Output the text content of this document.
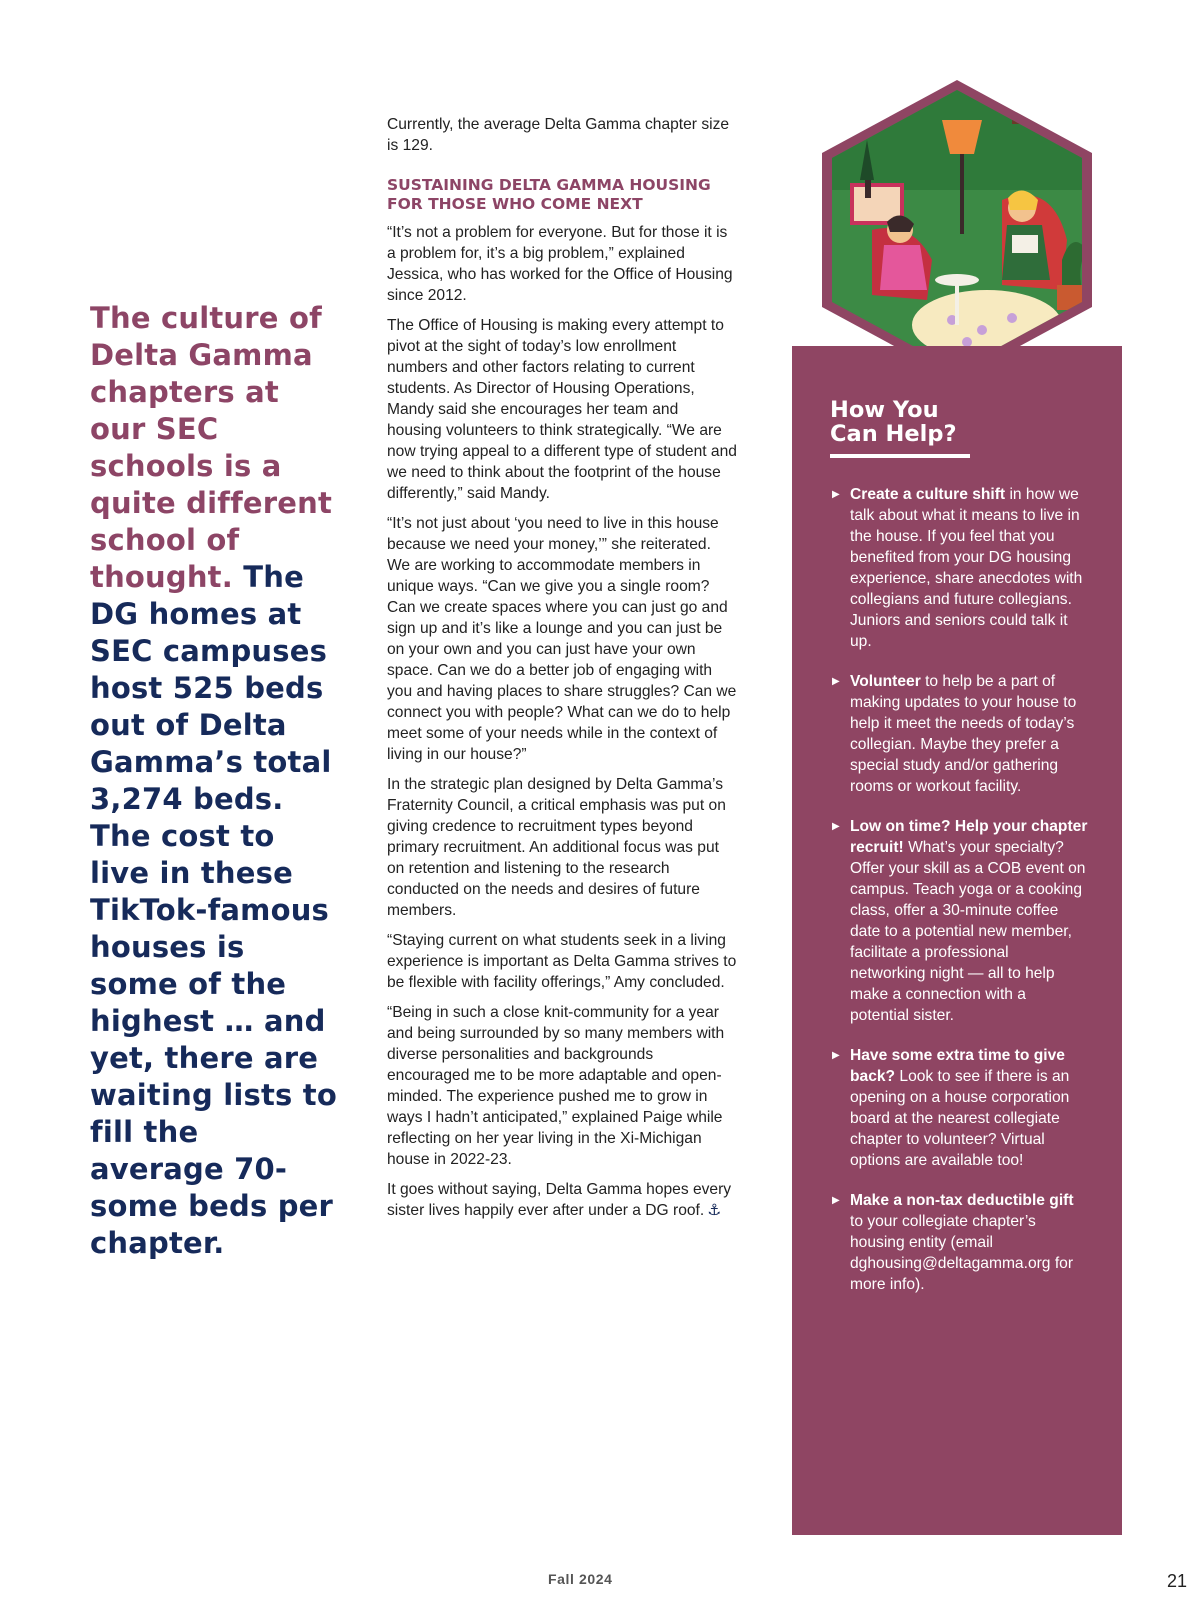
The culture of Delta Gamma chapters at our SEC schools is a quite different school of thought. The DG homes at SEC campuses host 525 beds out of Delta Gamma’s total 3,274 beds. The cost to live in these TikTok-famous houses is some of the highest … and yet, there are waiting lists to fill the average 70-some beds per chapter.

Currently, the average Delta Gamma chapter size is 129.

SUSTAINING DELTA GAMMA HOUSING FOR THOSE WHO COME NEXT

“It’s not a problem for everyone. But for those it is a problem for, it’s a big problem,” explained Jessica, who has worked for the Office of Housing since 2012.

The Office of Housing is making every attempt to pivot at the sight of today’s low enrollment numbers and other factors relating to current students. As Director of Housing Operations, Mandy said she encourages her team and housing volunteers to think strategically. “We are now trying appeal to a different type of student and we need to think about the footprint of the house differently,” said Mandy.

“It’s not just about ‘you need to live in this house because we need your money,’” she reiterated. We are working to accommodate members in unique ways. “Can we give you a single room? Can we create spaces where you can just go and sign up and it’s like a lounge and you can just be on your own and you can just have your own space. Can we do a better job of engaging with you and having places to share struggles? Can we connect you with people? What can we do to help meet some of your needs while in the context of living in our house?”

In the strategic plan designed by Delta Gamma’s Fraternity Council, a critical emphasis was put on giving credence to recruitment types beyond primary recruitment. An additional focus was put on retention and listening to the research conducted on the needs and desires of future members.

“Staying current on what students seek in a living experience is important as Delta Gamma strives to be flexible with facility offerings,” Amy concluded.

“Being in such a close knit-community for a year and being surrounded by so many members with diverse personalities and backgrounds encouraged me to be more adaptable and open-minded. The experience pushed me to grow in ways I hadn’t anticipated,” explained Paige while reflecting on her year living in the Xi-Michigan house in 2022-23.

It goes without saying, Delta Gamma hopes every sister lives happily ever after under a DG roof. ⚓

How You
Can Help?
▶ Create a culture shift in how we talk about what it means to live in the house. If you feel that you benefited from your DG housing experience, share anecdotes with collegians and future collegians. Juniors and seniors could talk it up.
▶ Volunteer to help be a part of making updates to your house to help it meet the needs of today’s collegian. Maybe they prefer a special study and/or gathering rooms or workout facility.
▶ Low on time? Help your chapter recruit! What’s your specialty? Offer your skill as a COB event on campus. Teach yoga or a cooking class, offer a 30-minute coffee date to a potential new member, facilitate a professional networking night — all to help make a connection with a potential sister.
▶ Have some extra time to give back? Look to see if there is an opening on a house corporation board at the nearest collegiate chapter to volunteer? Virtual options are available too!
▶ Make a non-tax deductible gift to your collegiate chapter’s housing entity (email dghousing@deltagamma.org for more info).
Fall 2024	21
